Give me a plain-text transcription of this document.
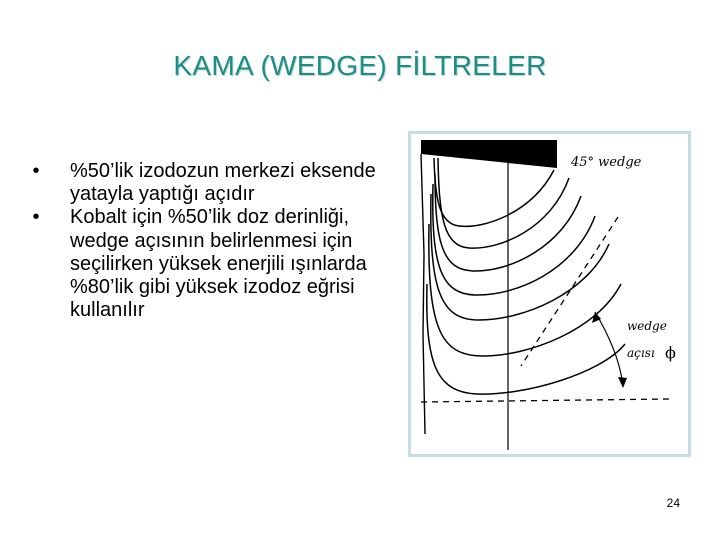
KAMA (WEDGE) FİLTRELER
• %50’lik izodozun merkezi eksende yatayla yaptığı açıdır
• Kobalt için %50’lik doz derinliği, wedge açısının belirlenmesi için seçilirken yüksek enerjili ışınlarda %80’lik gibi yüksek izodoz eğrisi kullanılır
45° wedge
wedge
açısı ϕ
24
